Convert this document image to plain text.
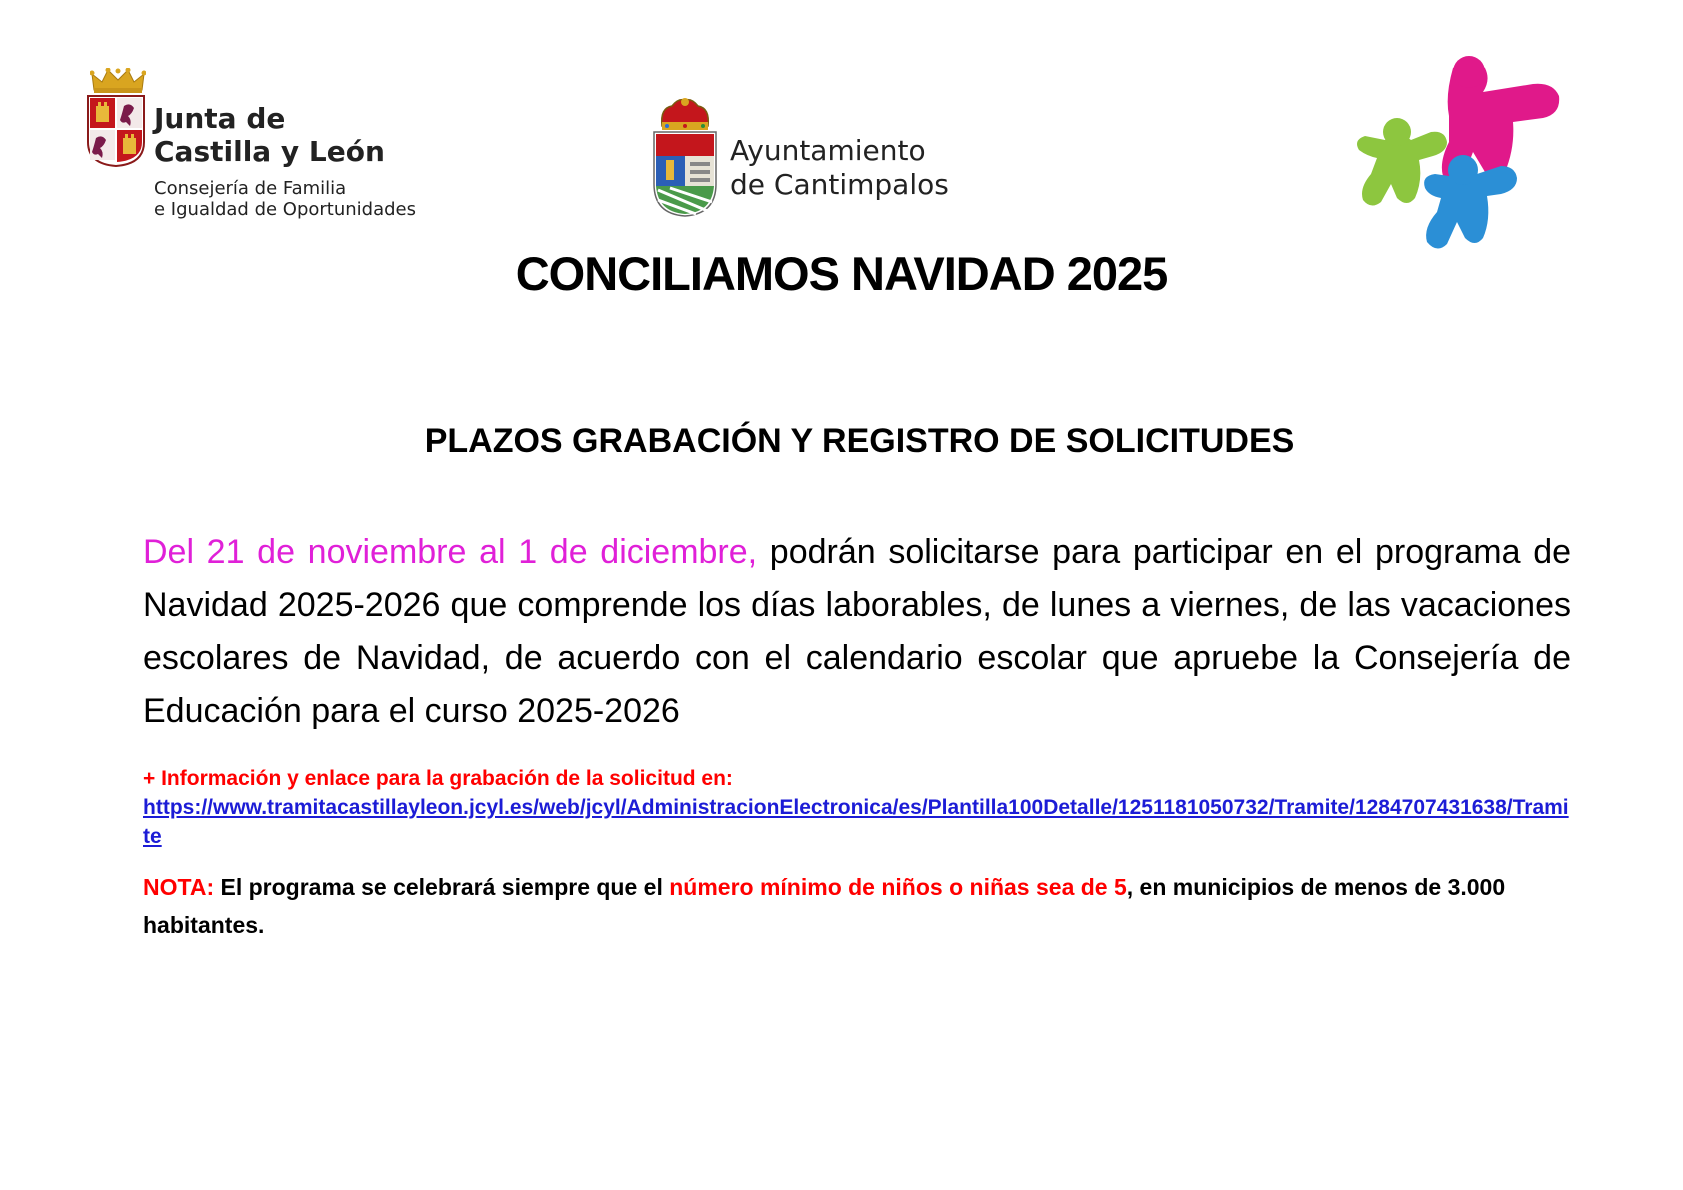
Junta de
Castilla y León
Consejería de Familia
e Igualdad de Oportunidades
Ayuntamiento
de Cantimpalos
CONCILIAMOS NAVIDAD 2025
PLAZOS GRABACIÓN Y REGISTRO DE SOLICITUDES

Del 21 de noviembre al 1 de diciembre, podrán solicitarse para participar en el programa de Navidad 2025-2026 que comprende los días laborables, de lunes a viernes, de las vacaciones escolares de Navidad, de acuerdo con el calendario escolar que apruebe la Consejería de Educación para el curso 2025-2026

+ Información y enlace para la grabación de la solicitud en:
https://www.tramitacastillayleon.jcyl.es/web/jcyl/AdministracionElectronica/es/Plantilla100Detalle/1251181050732/Tramite/1284707431638/Tramite

NOTA: El programa se celebrará siempre que el número mínimo de niños o niñas sea de 5, en municipios de menos de 3.000 habitantes.
